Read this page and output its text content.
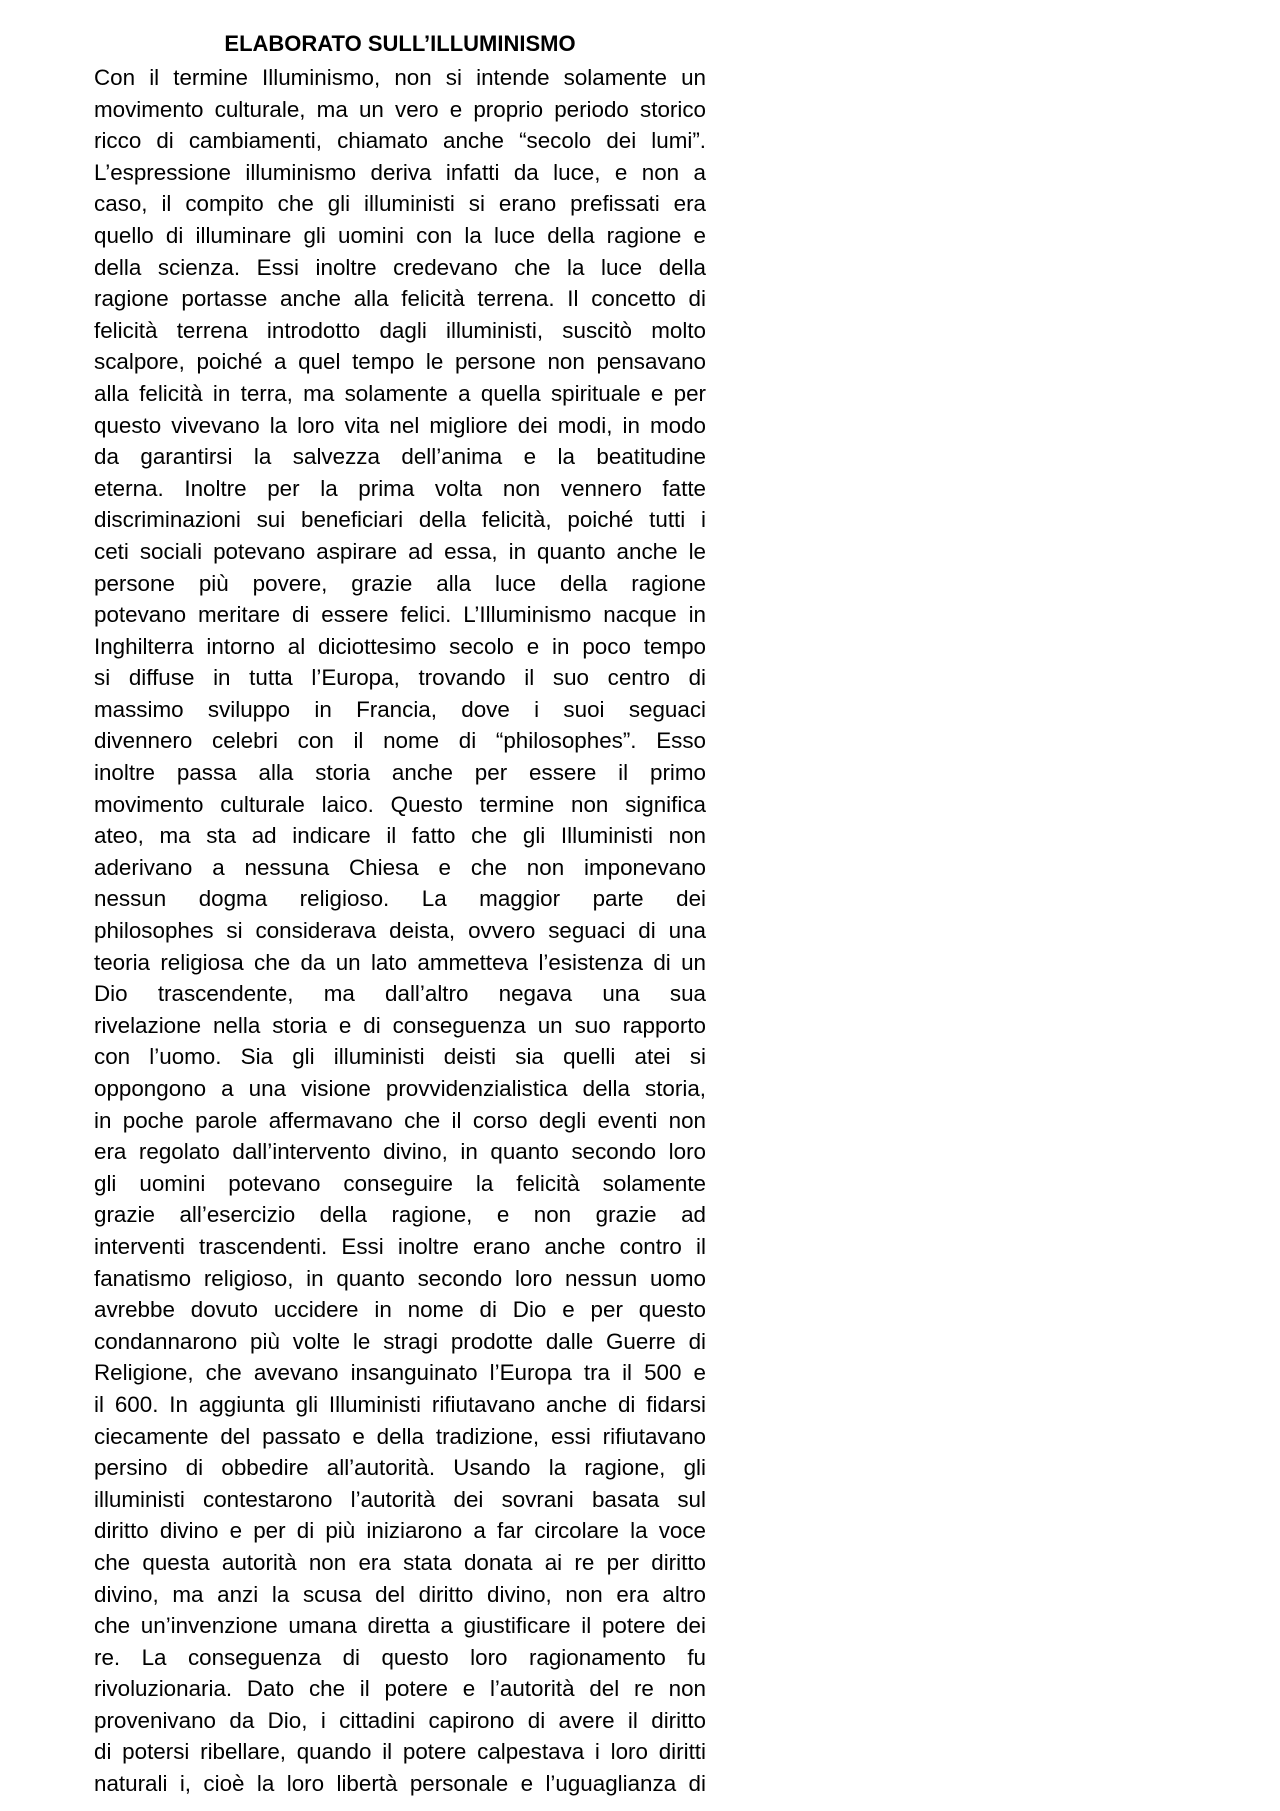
ELABORATO SULL’ILLUMINISMO
Con il termine Illuminismo, non si intende solamente un
movimento culturale, ma un vero e proprio periodo storico
ricco di cambiamenti, chiamato anche “secolo dei lumi”.
L’espressione illuminismo deriva infatti da luce, e non a
caso, il compito che gli illuministi si erano prefissati era
quello di illuminare gli uomini con la luce della ragione e
della scienza. Essi inoltre credevano che la luce della
ragione portasse anche alla felicità terrena. Il concetto di
felicità terrena introdotto dagli illuministi, suscitò molto
scalpore, poiché a quel tempo le persone non pensavano
alla felicità in terra, ma solamente a quella spirituale e per
questo vivevano la loro vita nel migliore dei modi, in modo
da garantirsi la salvezza dell’anima e la beatitudine
eterna. Inoltre per la prima volta non vennero fatte
discriminazioni sui beneficiari della felicità, poiché tutti i
ceti sociali potevano aspirare ad essa, in quanto anche le
persone più povere, grazie alla luce della ragione
potevano meritare di essere felici. L’Illuminismo nacque in
Inghilterra intorno al diciottesimo secolo e in poco tempo
si diffuse in tutta l’Europa, trovando il suo centro di
massimo sviluppo in Francia, dove i suoi seguaci
divennero celebri con il nome di “philosophes”. Esso
inoltre passa alla storia anche per essere il primo
movimento culturale laico. Questo termine non significa
ateo, ma sta ad indicare il fatto che gli Illuministi non
aderivano a nessuna Chiesa e che non imponevano
nessun dogma religioso. La maggior parte dei
philosophes si considerava deista, ovvero seguaci di una
teoria religiosa che da un lato ammetteva l’esistenza di un
Dio trascendente, ma dall’altro negava una sua
rivelazione nella storia e di conseguenza un suo rapporto
con l’uomo. Sia gli illuministi deisti sia quelli atei si
oppongono a una visione provvidenzialistica della storia,
in poche parole affermavano che il corso degli eventi non
era regolato dall’intervento divino, in quanto secondo loro
gli uomini potevano conseguire la felicità solamente
grazie all’esercizio della ragione, e non grazie ad
interventi trascendenti. Essi inoltre erano anche contro il
fanatismo religioso, in quanto secondo loro nessun uomo
avrebbe dovuto uccidere in nome di Dio e per questo
condannarono più volte le stragi prodotte dalle Guerre di
Religione, che avevano insanguinato l’Europa tra il 500 e
il 600. In aggiunta gli Illuministi rifiutavano anche di fidarsi
ciecamente del passato e della tradizione, essi rifiutavano
persino di obbedire all’autorità. Usando la ragione, gli
illuministi contestarono l’autorità dei sovrani basata sul
diritto divino e per di più iniziarono a far circolare la voce
che questa autorità non era stata donata ai re per diritto
divino, ma anzi la scusa del diritto divino, non era altro
che un’invenzione umana diretta a giustificare il potere dei
re. La conseguenza di questo loro ragionamento fu
rivoluzionaria. Dato che il potere e l’autorità del re non
provenivano da Dio, i cittadini capirono di avere il diritto
di potersi ribellare, quando il potere calpestava i loro diritti
naturali i, cioè la loro libertà personale e l’uguaglianza di
